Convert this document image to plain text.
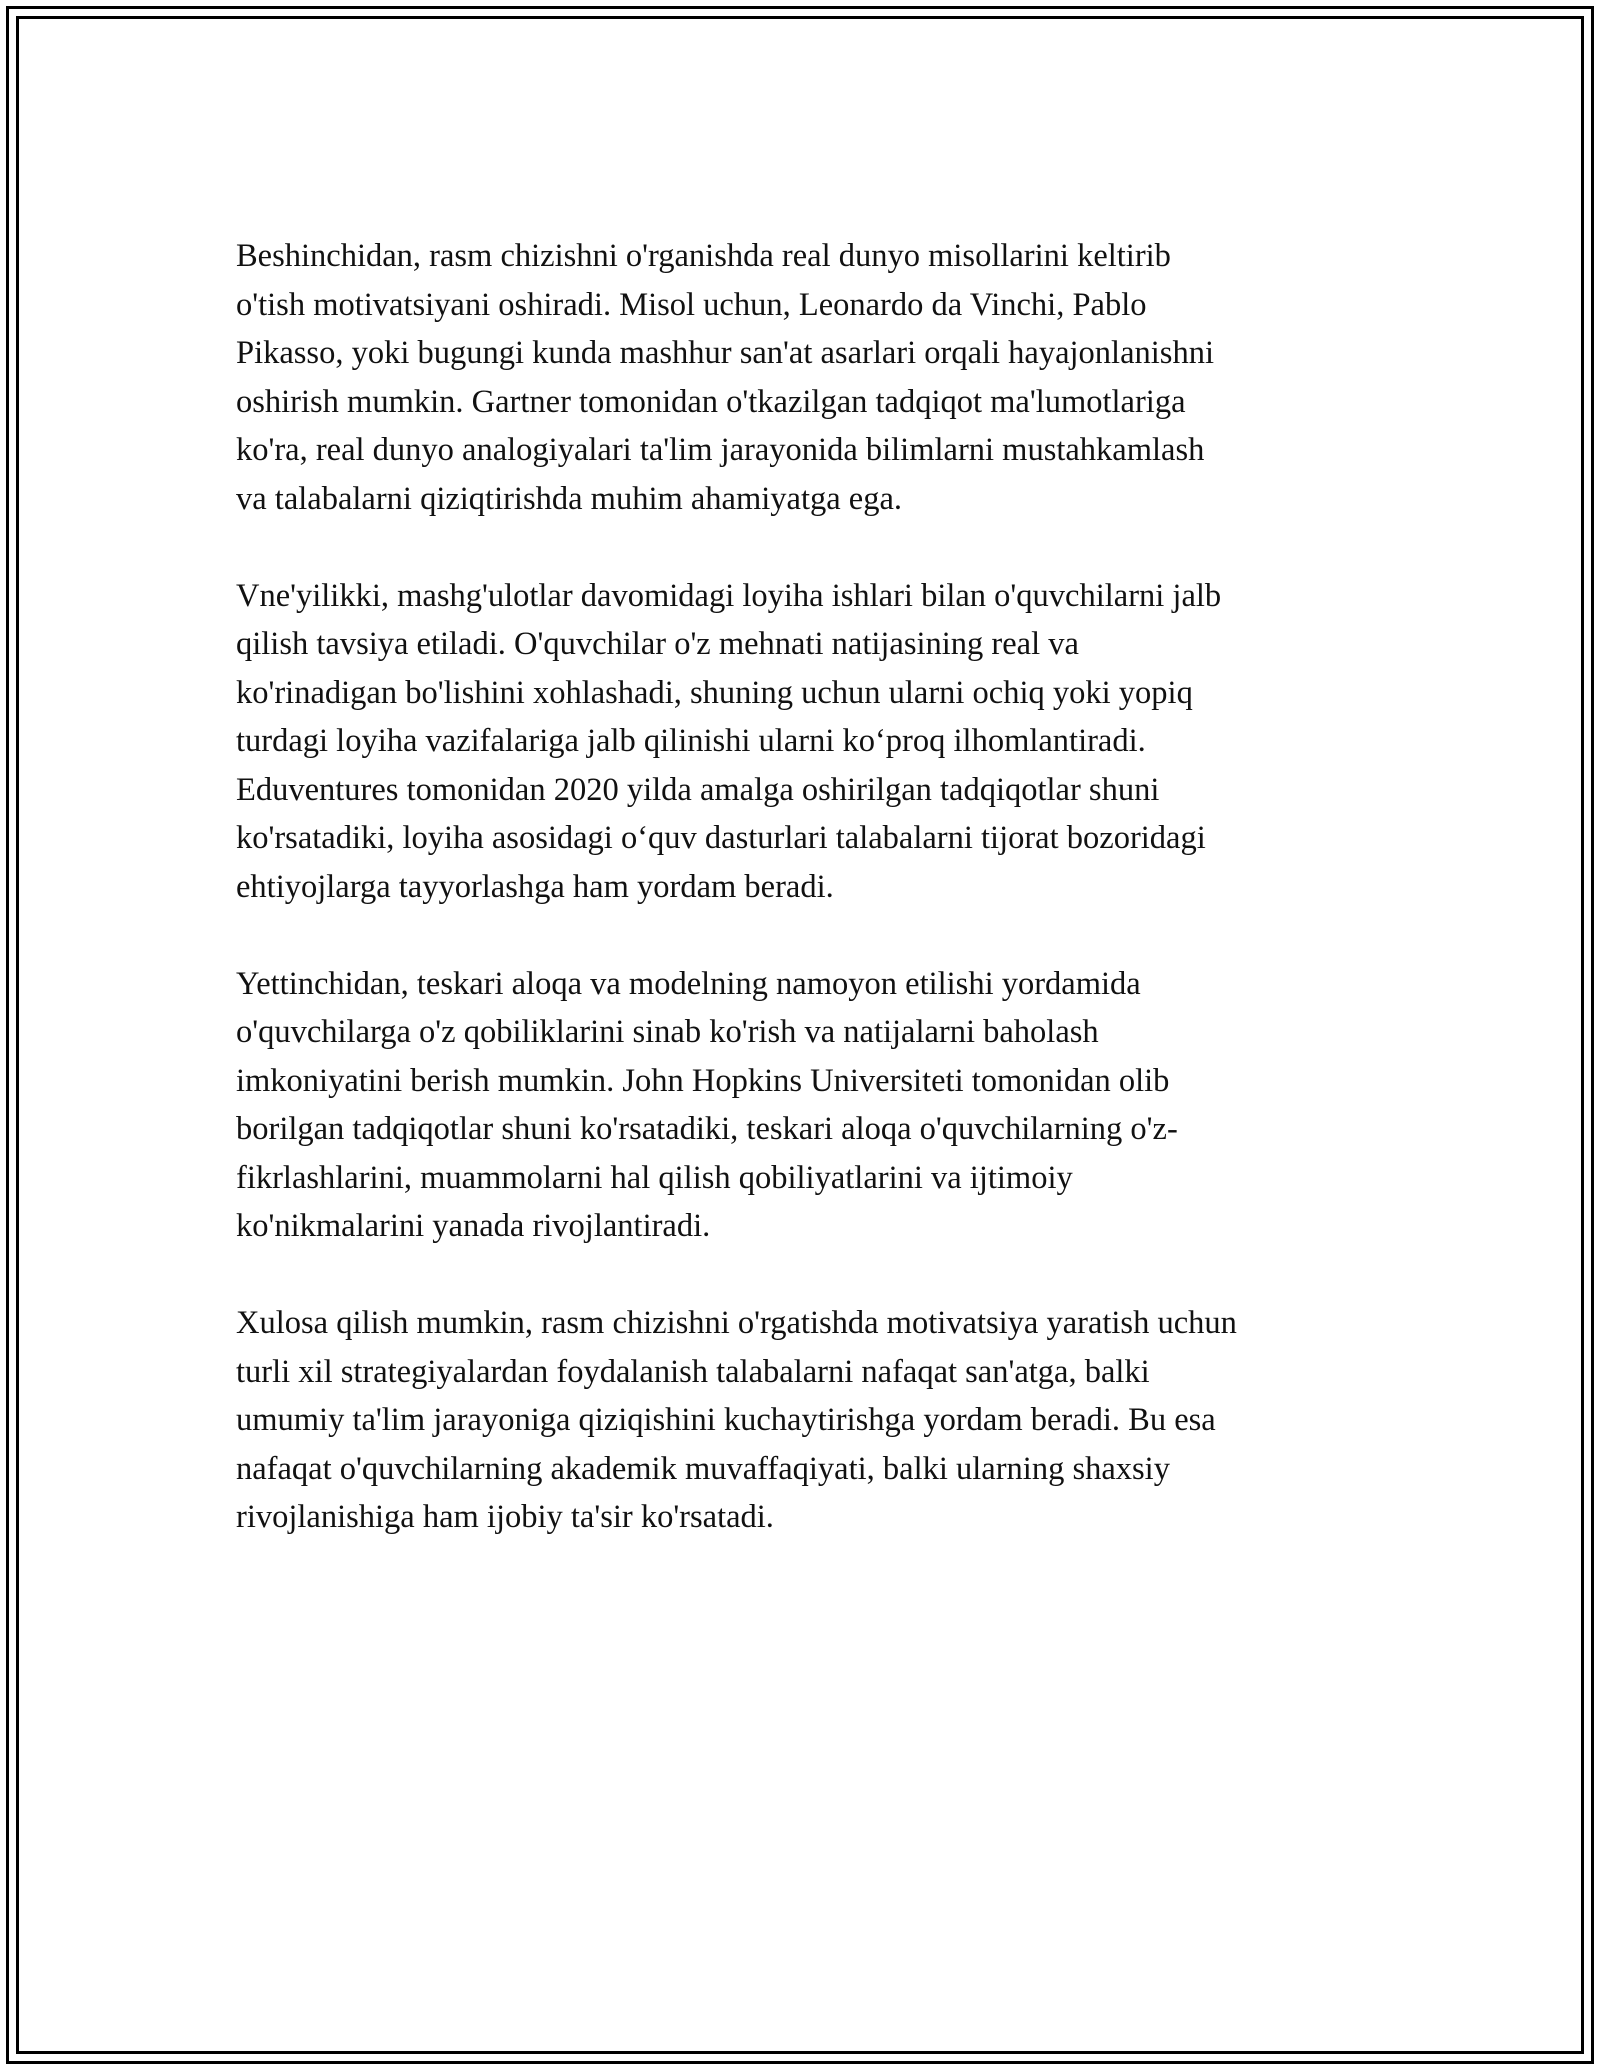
Beshinchidan, rasm chizishni o'rganishda real dunyo misollarini keltirib
o'tish motivatsiyani oshiradi. Misol uchun, Leonardo da Vinchi, Pablo
Pikasso, yoki bugungi kunda mashhur san'at asarlari orqali hayajonlanishni
oshirish mumkin. Gartner tomonidan o'tkazilgan tadqiqot ma'lumotlariga
ko'ra, real dunyo analogiyalari ta'lim jarayonida bilimlarni mustahkamlash
va talabalarni qiziqtirishda muhim ahamiyatga ega.

Vne'yilikki, mashg'ulotlar davomidagi loyiha ishlari bilan o'quvchilarni jalb
qilish tavsiya etiladi. O'quvchilar o'z mehnati natijasining real va
ko'rinadigan bo'lishini xohlashadi, shuning uchun ularni ochiq yoki yopiq
turdagi loyiha vazifalariga jalb qilinishi ularni ko‘proq ilhomlantiradi.
Eduventures tomonidan 2020 yilda amalga oshirilgan tadqiqotlar shuni
ko'rsatadiki, loyiha asosidagi o‘quv dasturlari talabalarni tijorat bozoridagi
ehtiyojlarga tayyorlashga ham yordam beradi.

Yettinchidan, teskari aloqa va modelning namoyon etilishi yordamida
o'quvchilarga o'z qobiliklarini sinab ko'rish va natijalarni baholash
imkoniyatini berish mumkin. John Hopkins Universiteti tomonidan olib
borilgan tadqiqotlar shuni ko'rsatadiki, teskari aloqa o'quvchilarning o'z-
fikrlashlarini, muammolarni hal qilish qobiliyatlarini va ijtimoiy
ko'nikmalarini yanada rivojlantiradi.

Xulosa qilish mumkin, rasm chizishni o'rgatishda motivatsiya yaratish uchun
turli xil strategiyalardan foydalanish talabalarni nafaqat san'atga, balki
umumiy ta'lim jarayoniga qiziqishini kuchaytirishga yordam beradi. Bu esa
nafaqat o'quvchilarning akademik muvaffaqiyati, balki ularning shaxsiy
rivojlanishiga ham ijobiy ta'sir ko'rsatadi.
